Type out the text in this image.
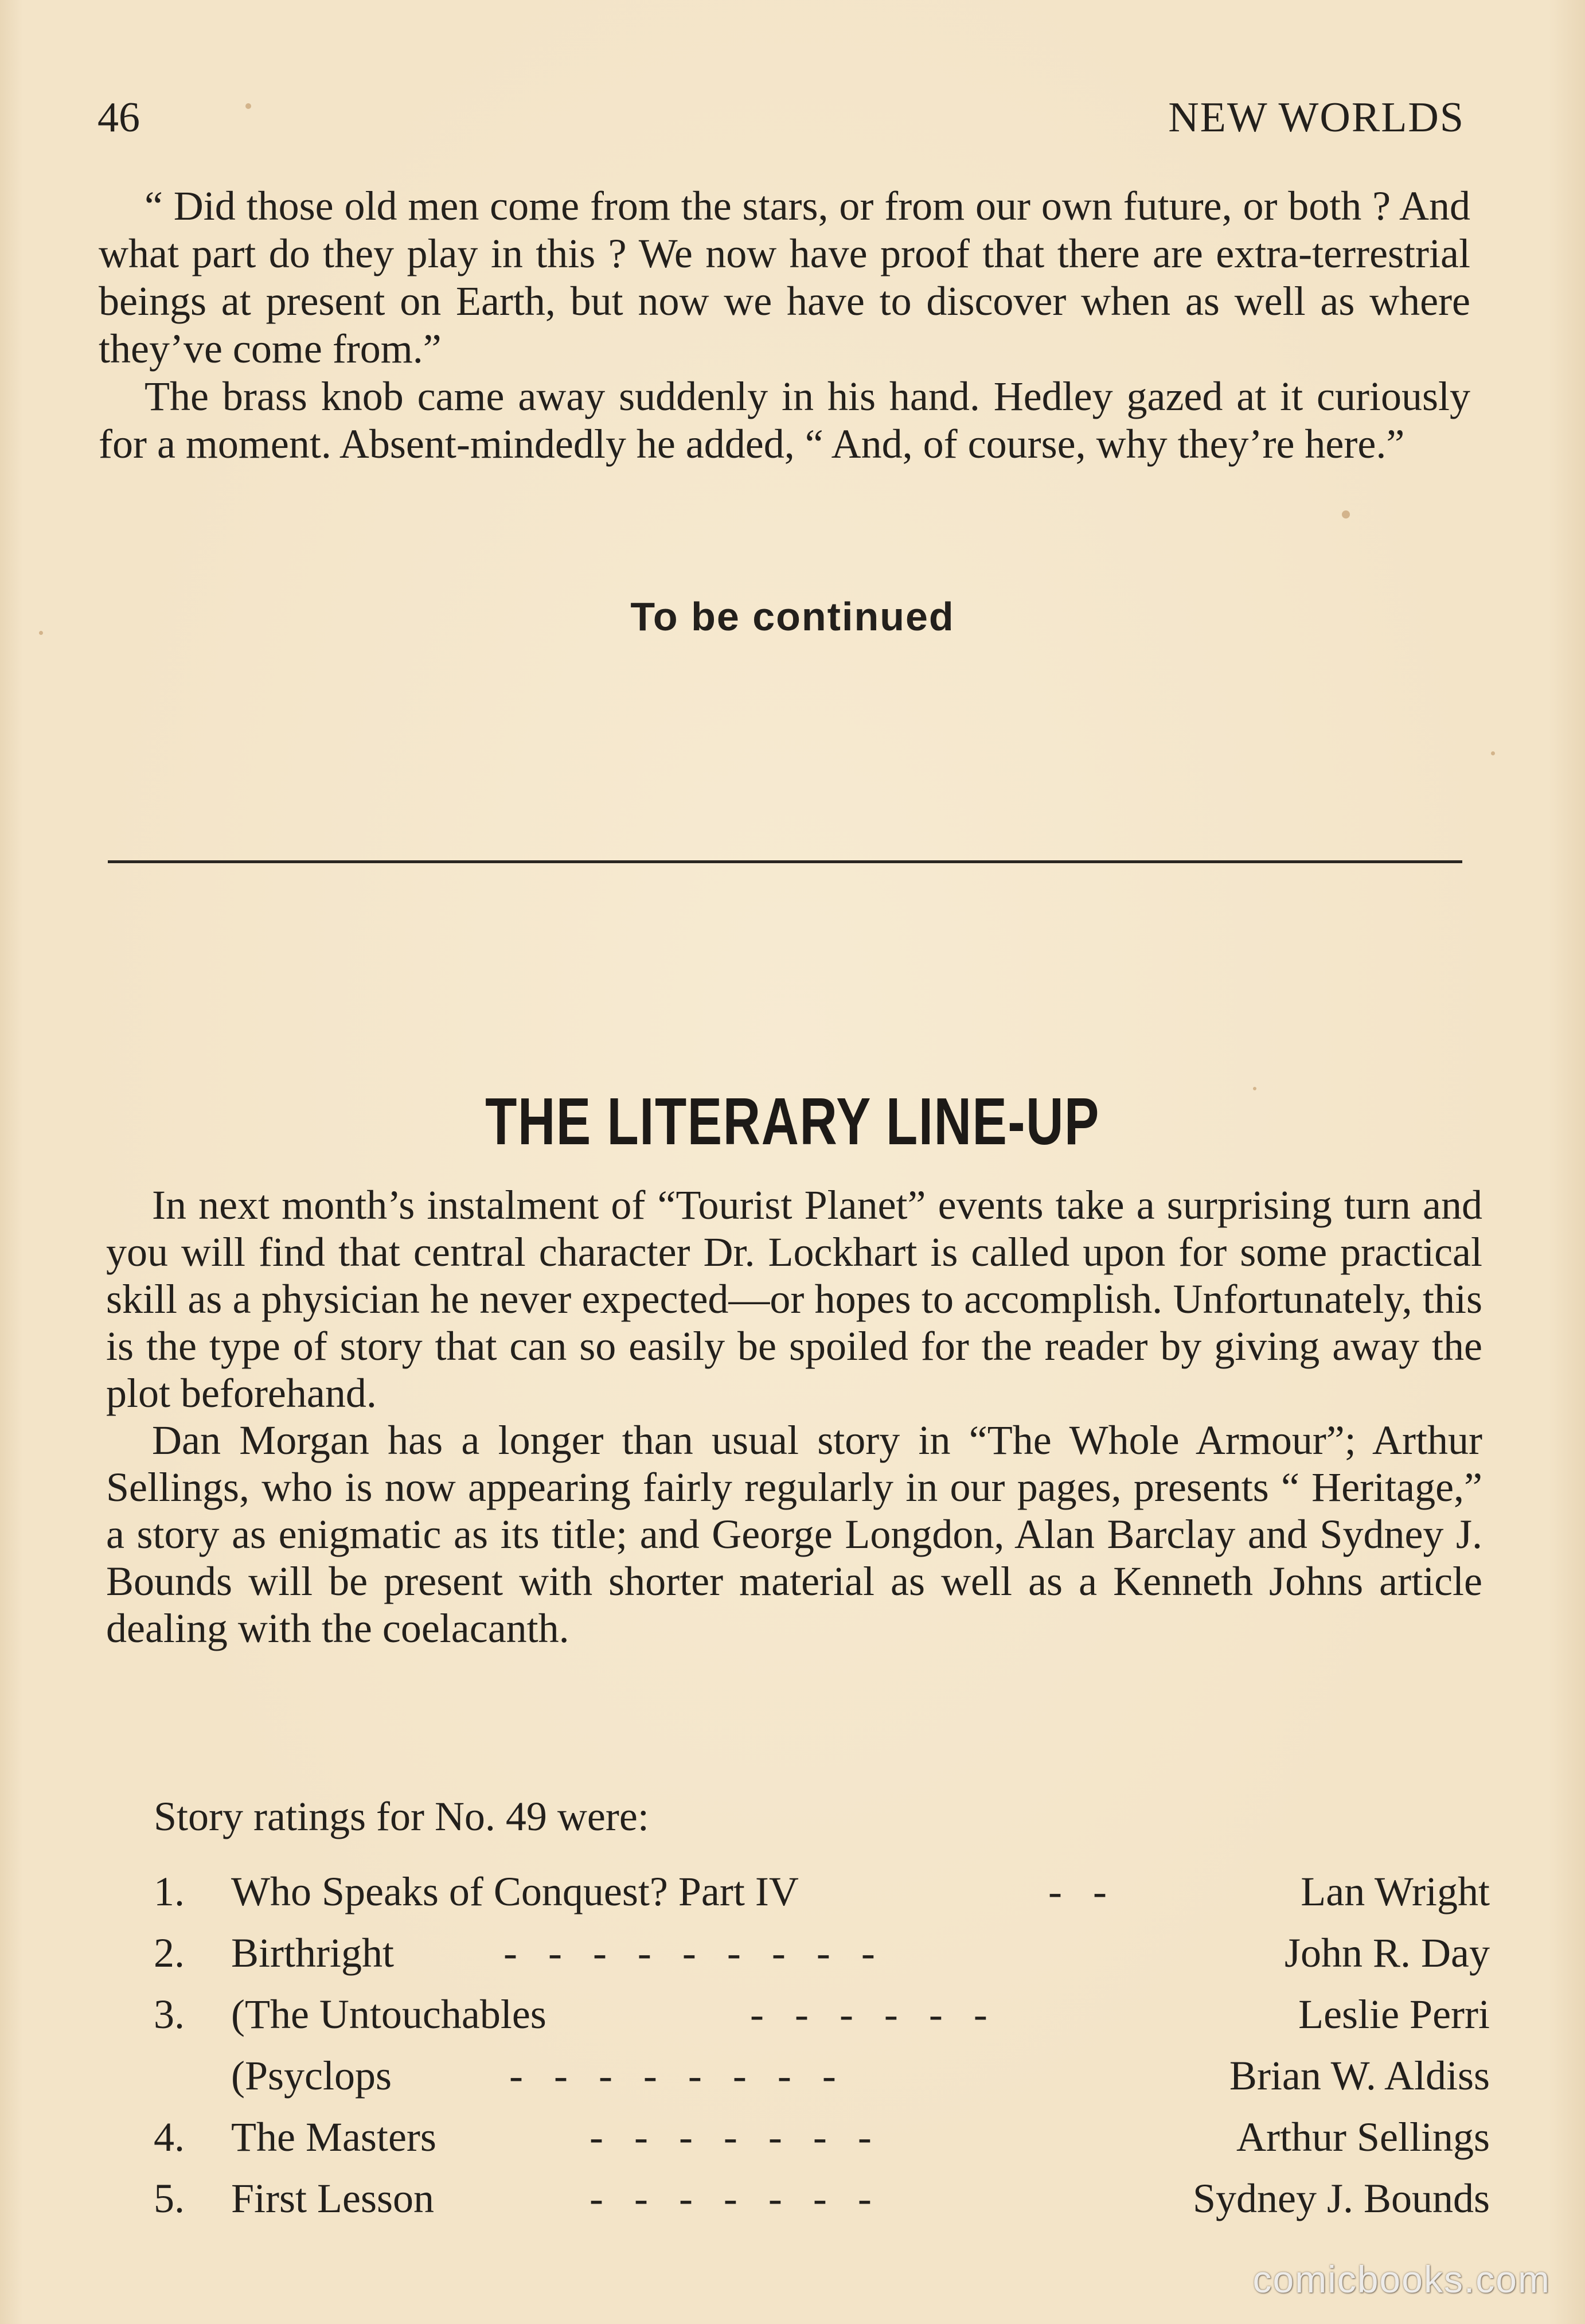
46	NEW WORLDS

“ Did those old men come from the stars, or from our own future, or both ? And what part do they play in this ? We now have proof that there are extra-terrestrial beings at present on Earth, but now we have to discover when as well as where they’ve come from.”

The brass knob came away suddenly in his hand. Hedley gazed at it curiously for a moment. Absent-mindedly he added, “ And, of course, why they’re here.”

To be continued
THE LITERARY LINE-UP

In next month’s instalment of “Tourist Planet” events take a surprising turn and you will find that central character Dr. Lockhart is called upon for some practical skill as a physician he never expected—or hopes to accomplish. Unfortunately, this is the type of story that can so easily be spoiled for the reader by giving away the plot beforehand.

Dan Morgan has a longer than usual story in “The Whole Armour”; Arthur Sellings, who is now appearing fairly regularly in our pages, presents “ Heritage,” a story as enigmatic as its title; and George Longdon, Alan Barclay and Sydney J. Bounds will be present with shorter material as well as a Kenneth Johns article dealing with the coelacanth.

Story ratings for No. 49 were:
1. Who Speaks of Conquest? Part IV	-   -	Lan Wright
2. Birthright	-   -   -   -   -   -   -   -   -	John R. Day
3. (The Untouchables	-   -   -   -   -   -	Leslie Perri
(Psyclops	-   -   -   -   -   -   -   -	Brian W. Aldiss
4. The Masters	-   -   -   -   -   -   -	Arthur Sellings
5. First Lesson	-   -   -   -   -   -   -	Sydney J. Bounds
comicbooks.com
